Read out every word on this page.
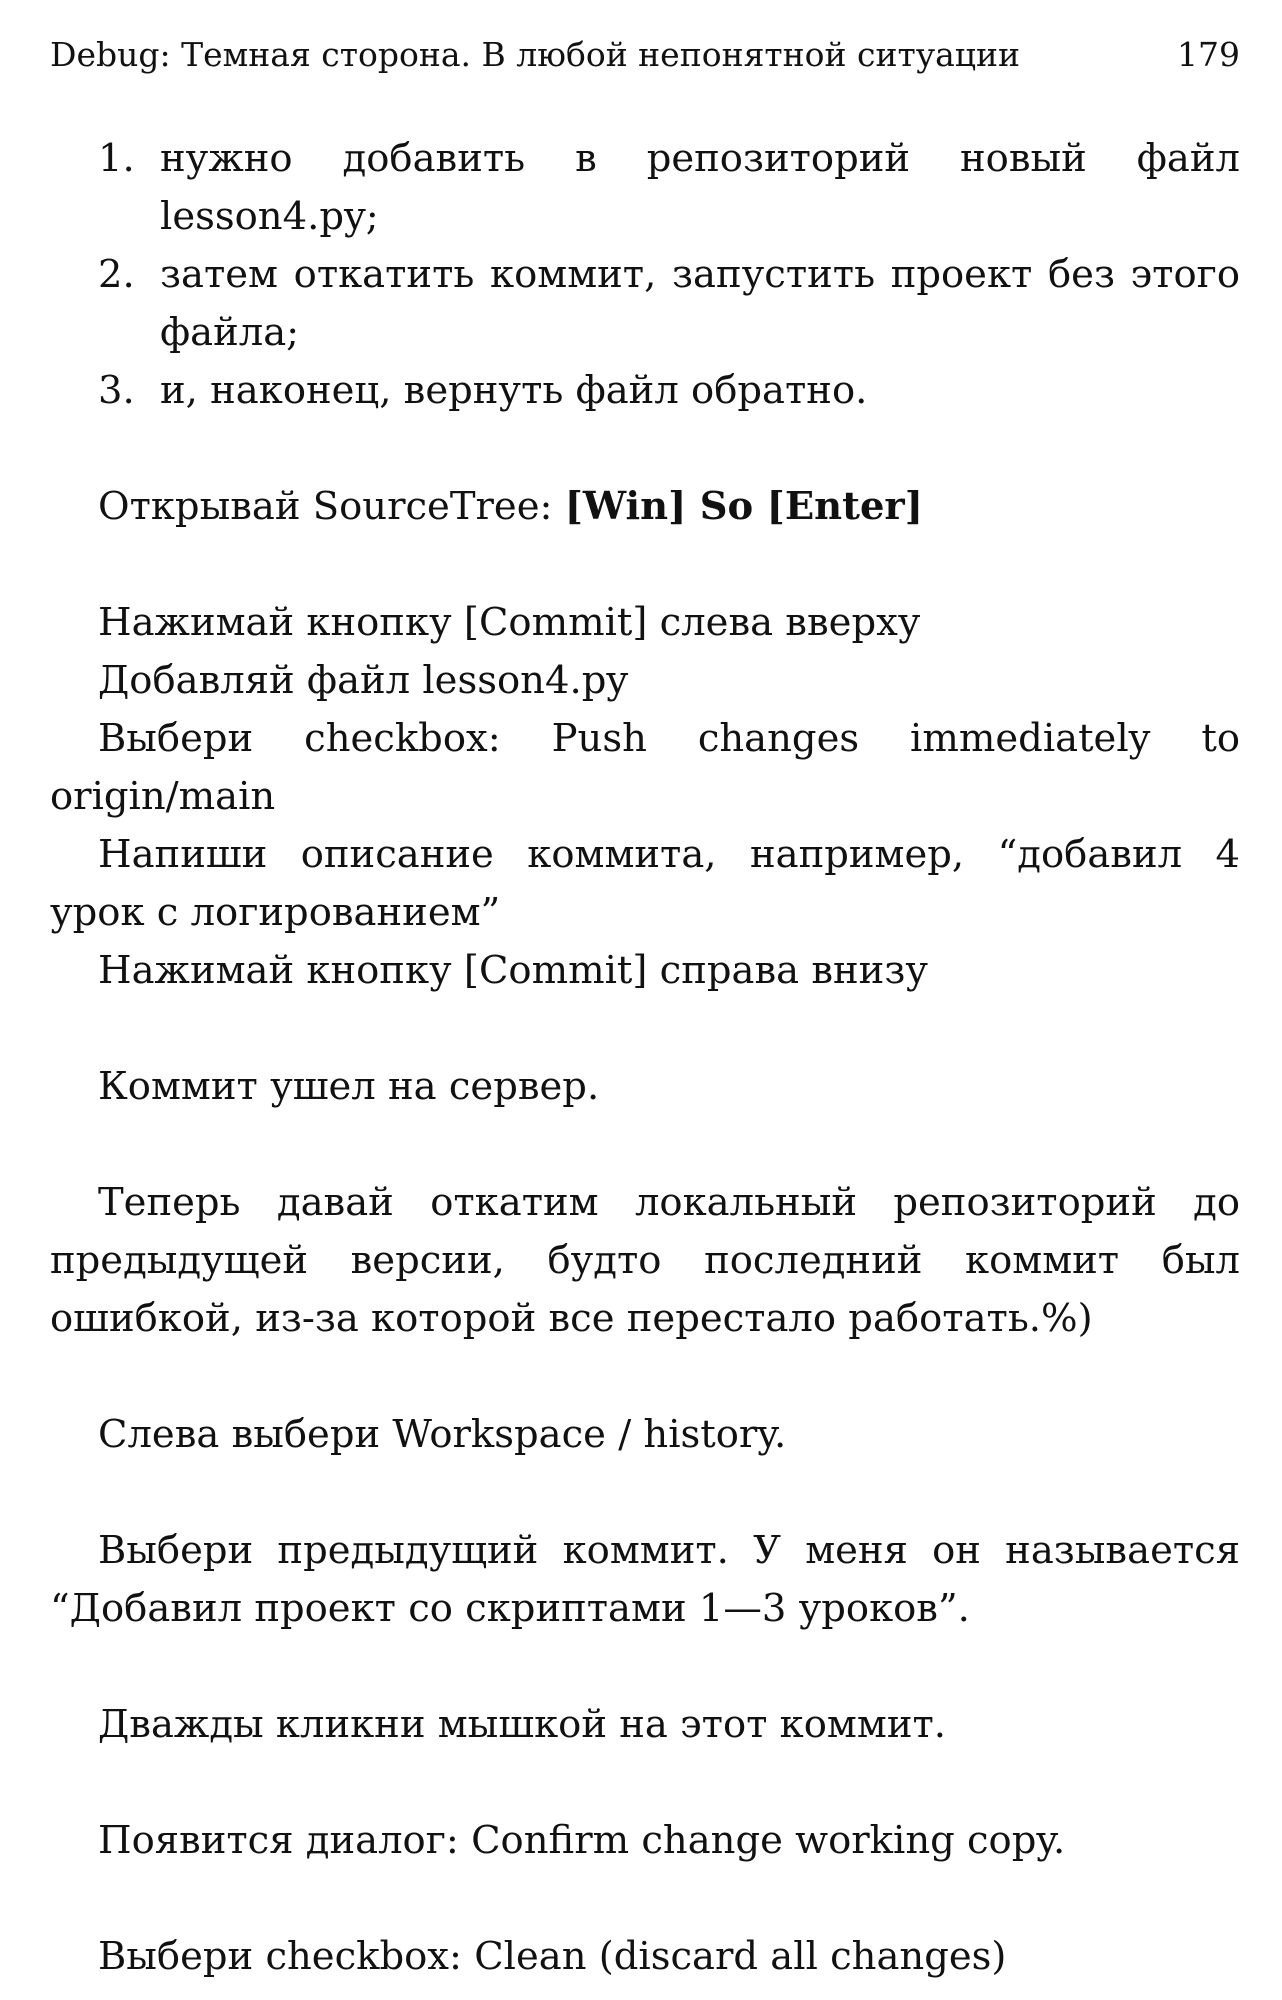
Debug: Темная сторона. В любой непонятной ситуации	179
1. нужно добавить в репозиторий новый файл lesson4.py;
2. затем откатить коммит, запустить проект без этого файла;
3. и, наконец, вернуть файл обратно.

Открывай SourceTree: [Win] So [Enter]

Нажимай кнопку [Commit] слева вверху

Добавляй файл lesson4.py

Выбери checkbox: Push changes immediately to origin/main

Напиши описание коммита, например, “добавил 4 урок с логированием”

Нажимай кнопку [Commit] справа внизу

Коммит ушел на сервер.

Теперь давай откатим локальный репозиторий до предыдущей версии, будто последний коммит был ошибкой, из-за которой все перестало работать.%)

Слева выбери Workspace / history.

Выбери предыдущий коммит. У меня он называется “Добавил проект со скриптами 1—3 уроков”.

Дважды кликни мышкой на этот коммит.

Появится диалог: Confirm change working copy.

Выбери checkbox: Clean (discard all changes)
